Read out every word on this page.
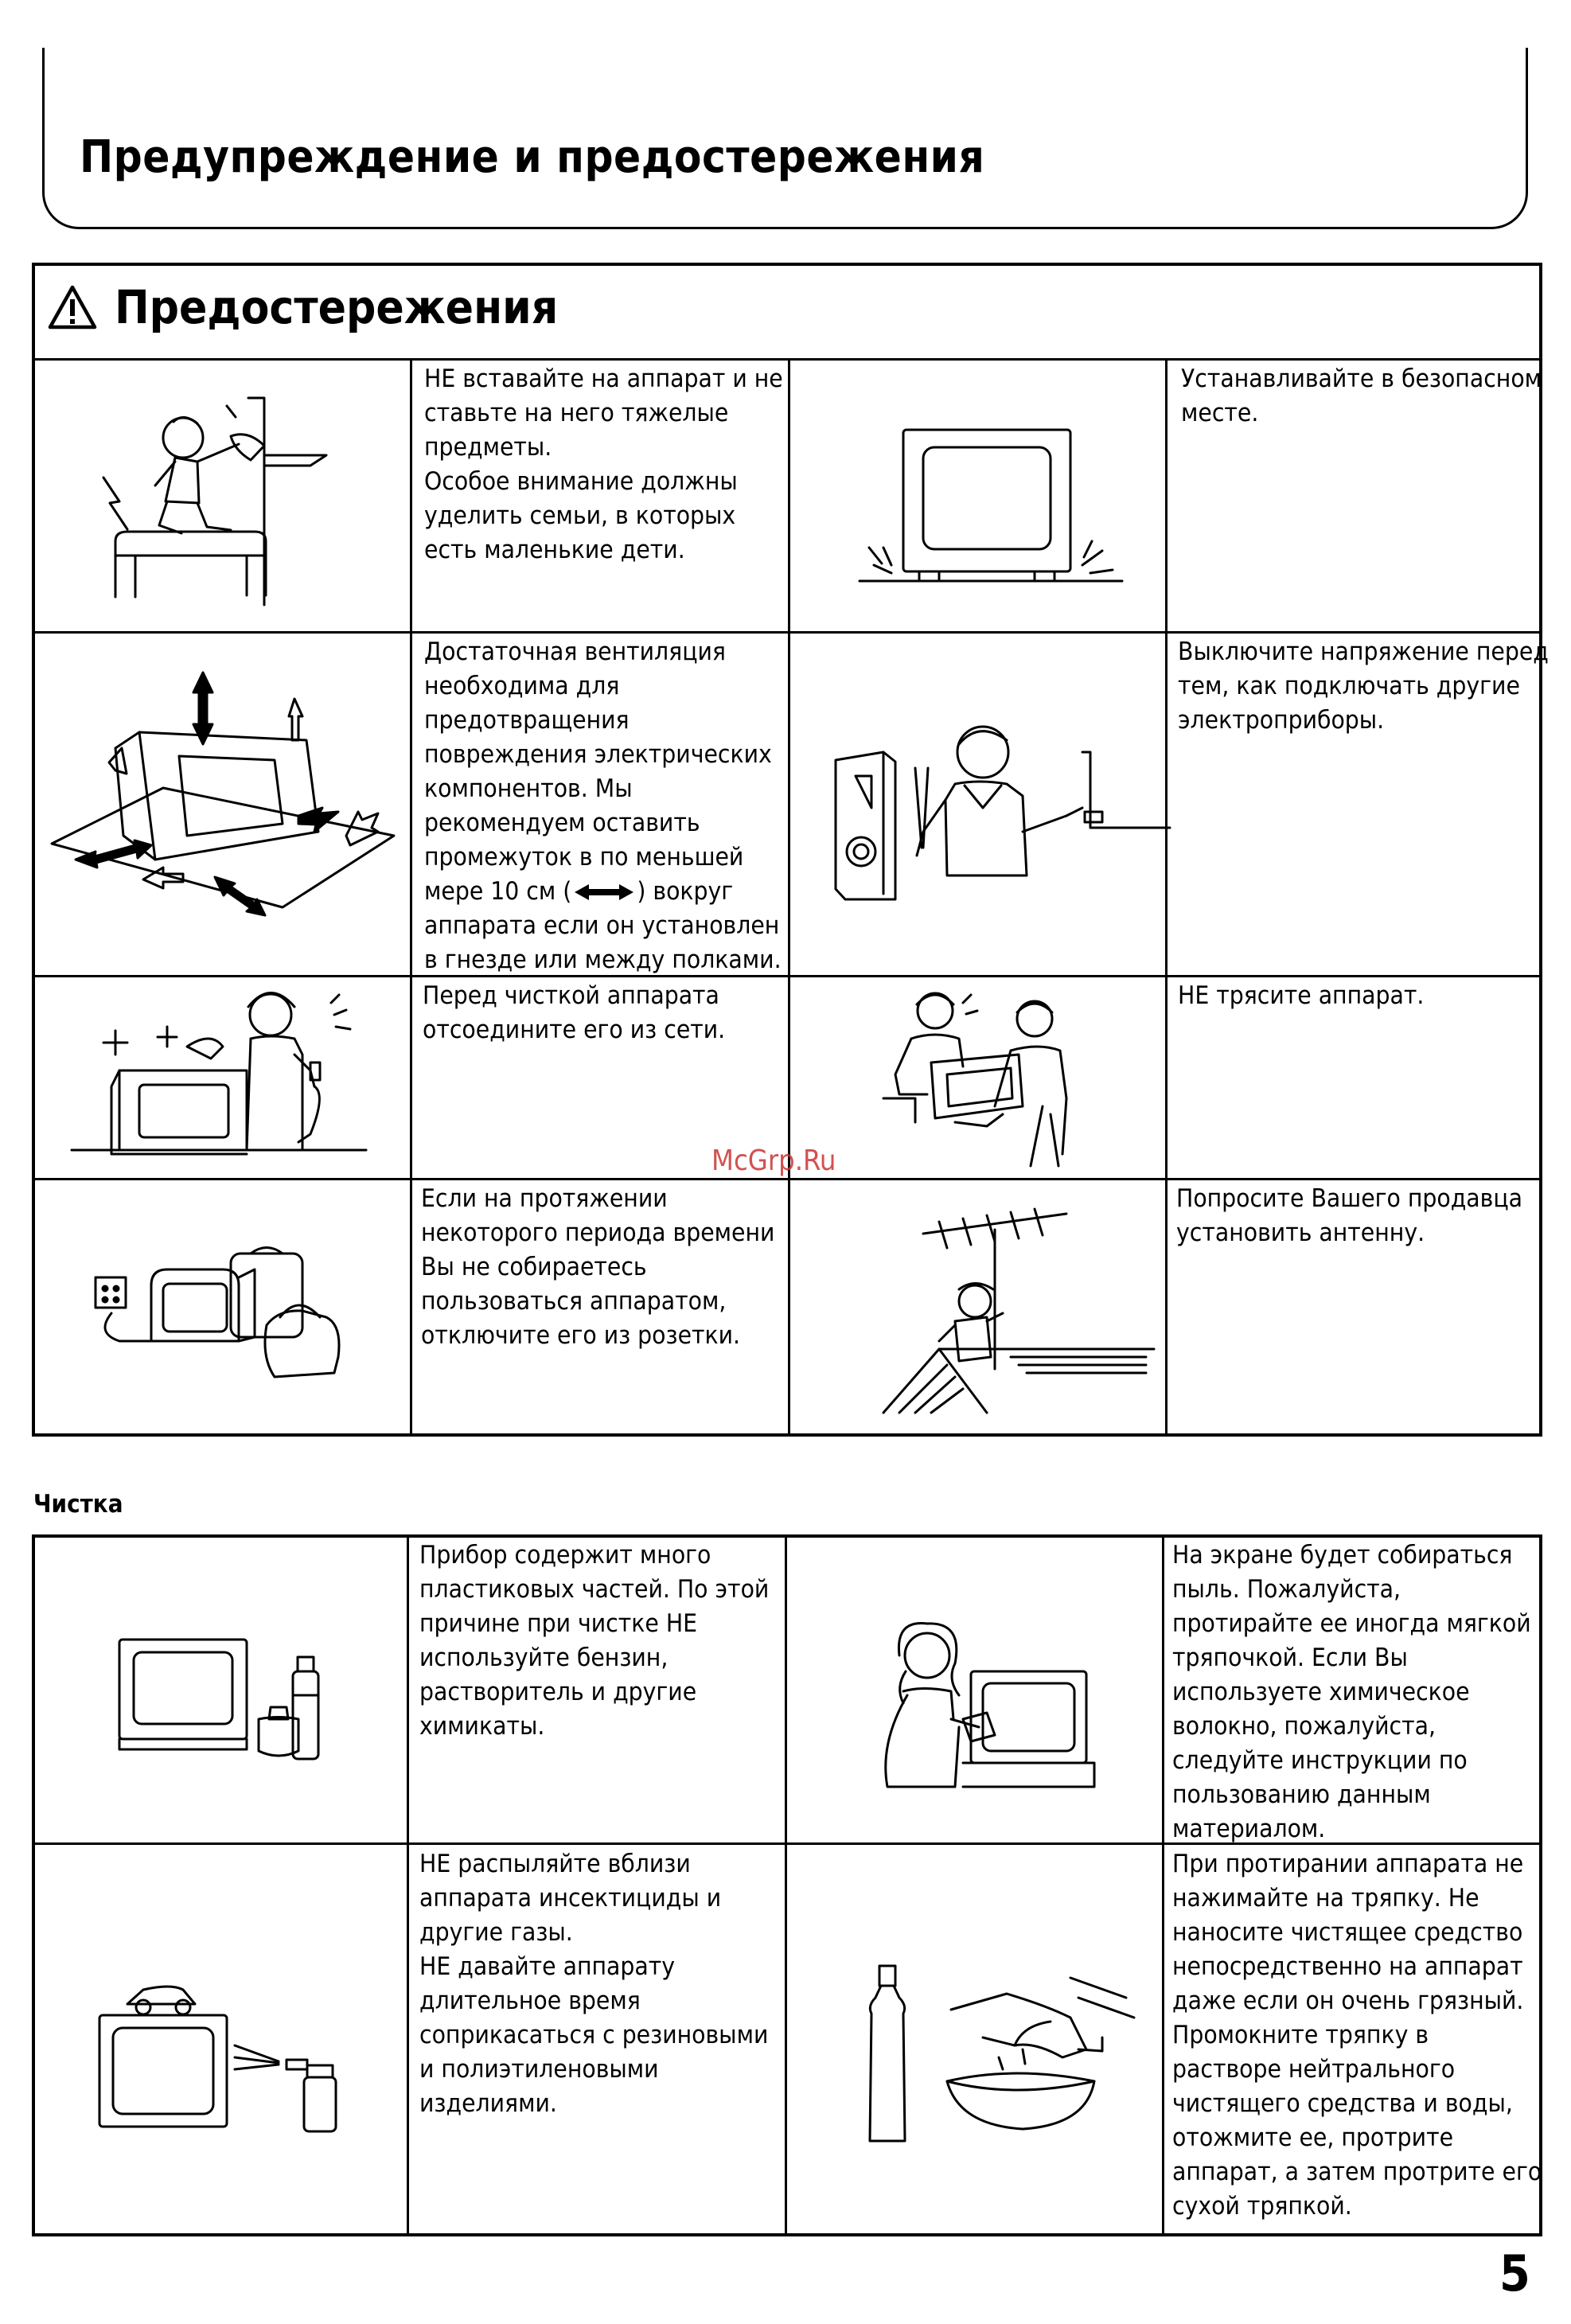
Предупреждение и предостережения
Предостережения
НЕ вставайте на аппарат и не
ставьте на него тяжелые
предметы.
Особое внимание должны
уделить семьи, в которых
есть маленькие дети.
Устанавливайте в безопасном
месте.
Достаточная вентиляция
необходима для
предотвращения
повреждения электрических
компонентов. Мы
рекомендуем оставить
промежуток в по меньшей
мере 10 см (	) вокруг
аппарата если он установлен
в гнезде или между полками.
Выключите напряжение перед
тем, как подключать другие
электроприборы.
Перед чисткой аппарата
отсоедините его из сети.
НЕ трясите аппарат.
Если на протяжении
некоторого периода времени
Вы не собираетесь
пользоваться аппаратом,
отключите его из розетки.
Попросите Вашего продавца
установить антенну.
Чистка
Прибор содержит много
пластиковых частей. По этой
причине при чистке НЕ
используйте бензин,
растворитель и другие
химикаты.
На экране будет собираться
пыль. Пожалуйста,
протирайте ее иногда мягкой
тряпочкой. Если Вы
используете химическое
волокно, пожалуйста,
следуйте инструкции по
пользованию данным
материалом.
НЕ распыляйте вблизи
аппарата инсектициды и
другие газы.
НЕ давайте аппарату
длительное время
соприкасаться с резиновыми
и полиэтиленовыми
изделиями.
При протирании аппарата не
нажимайте на тряпку. Не
наносите чистящее средство
непосредственно на аппарат
даже если он очень грязный.
Промокните тряпку в
растворе нейтрального
чистящего средства и воды,
отожмите ее, протрите
аппарат, а затем протрите его
сухой тряпкой.
McGrp.Ru
5
